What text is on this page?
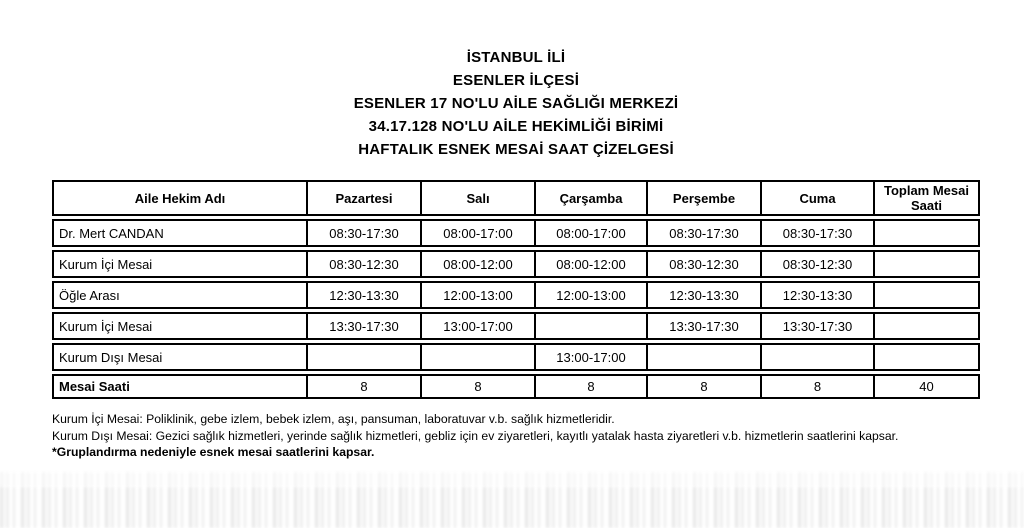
İSTANBUL İLİ
ESENLER İLÇESİ
ESENLER 17 NO'LU AİLE SAĞLIĞI MERKEZİ
34.17.128 NO'LU AİLE HEKİMLİĞİ BİRİMİ
HAFTALIK ESNEK MESAİ SAAT ÇİZELGESİ
Aile Hekim Adı	Pazartesi	Salı	Çarşamba	Perşembe	Cuma	Toplam Mesai Saati
Dr. Mert CANDAN	08:30-17:30	08:00-17:00	08:00-17:00	08:30-17:30	08:30-17:30	
Kurum İçi Mesai	08:30-12:30	08:00-12:00	08:00-12:00	08:30-12:30	08:30-12:30	
Öğle Arası	12:30-13:30	12:00-13:00	12:00-13:00	12:30-13:30	12:30-13:30	
Kurum İçi Mesai	13:30-17:30	13:00-17:00		13:30-17:30	13:30-17:30	
Kurum Dışı Mesai			13:00-17:00			
Mesai Saati	8	8	8	8	8	40
Kurum İçi Mesai: Poliklinik, gebe izlem, bebek izlem, aşı, pansuman, laboratuvar v.b. sağlık hizmetleridir.
Kurum Dışı Mesai: Gezici sağlık hizmetleri, yerinde sağlık hizmetleri, gebliz için ev ziyaretleri, kayıtlı yatalak hasta ziyaretleri v.b. hizmetlerin saatlerini kapsar.
*Gruplandırma nedeniyle esnek mesai saatlerini kapsar.
